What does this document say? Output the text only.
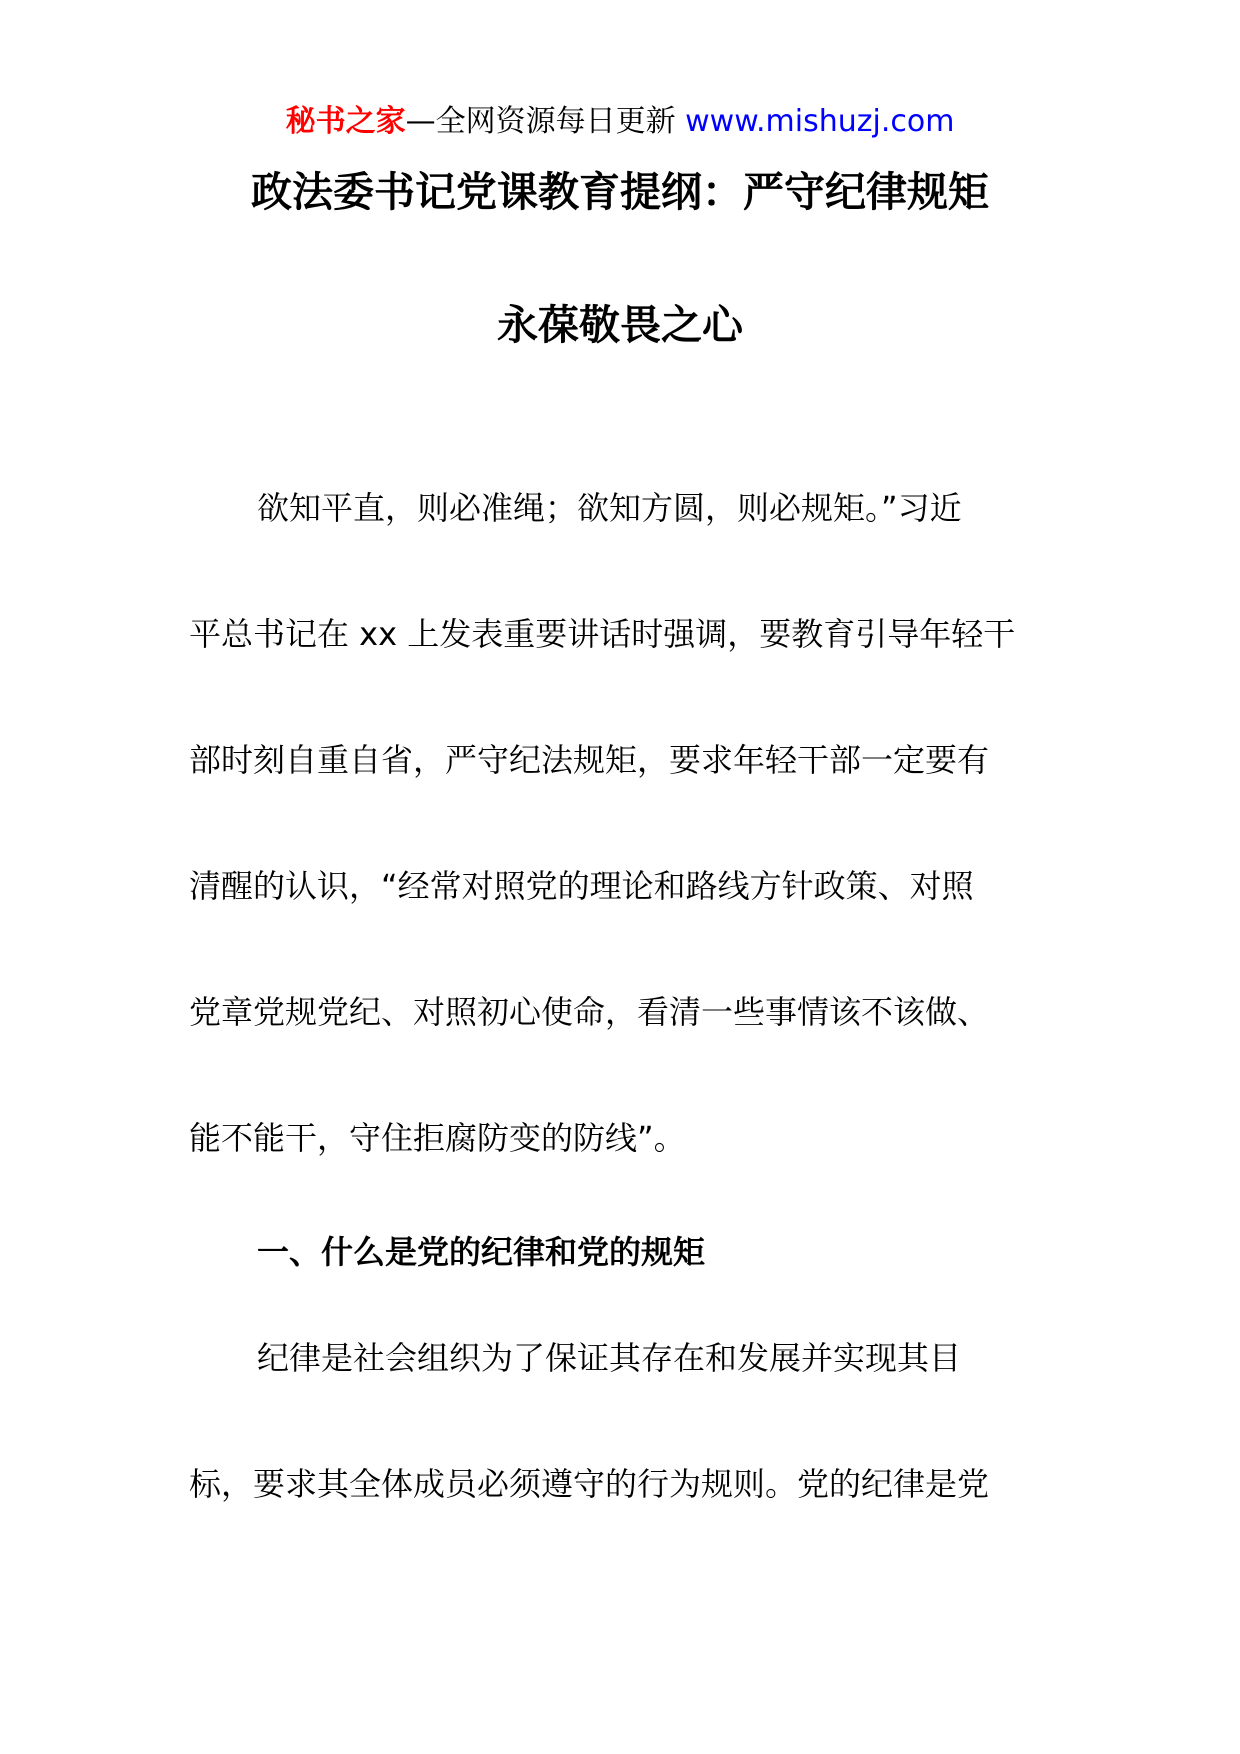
秘书之家—全网资源每日更新 www.mishuzj.com
政法委书记党课教育提纲：严守纪律规矩
永葆敬畏之心
欲知平直，则必准绳；欲知方圆，则必规矩。”习近
平总书记在 xx 上发表重要讲话时强调，要教育引导年轻干
部时刻自重自省，严守纪法规矩，要求年轻干部一定要有
清醒的认识，“经常对照党的理论和路线方针政策、对照
党章党规党纪、对照初心使命，看清一些事情该不该做、
能不能干，守住拒腐防变的防线”。
一、什么是党的纪律和党的规矩
纪律是社会组织为了保证其存在和发展并实现其目
标，要求其全体成员必须遵守的行为规则。党的纪律是党
